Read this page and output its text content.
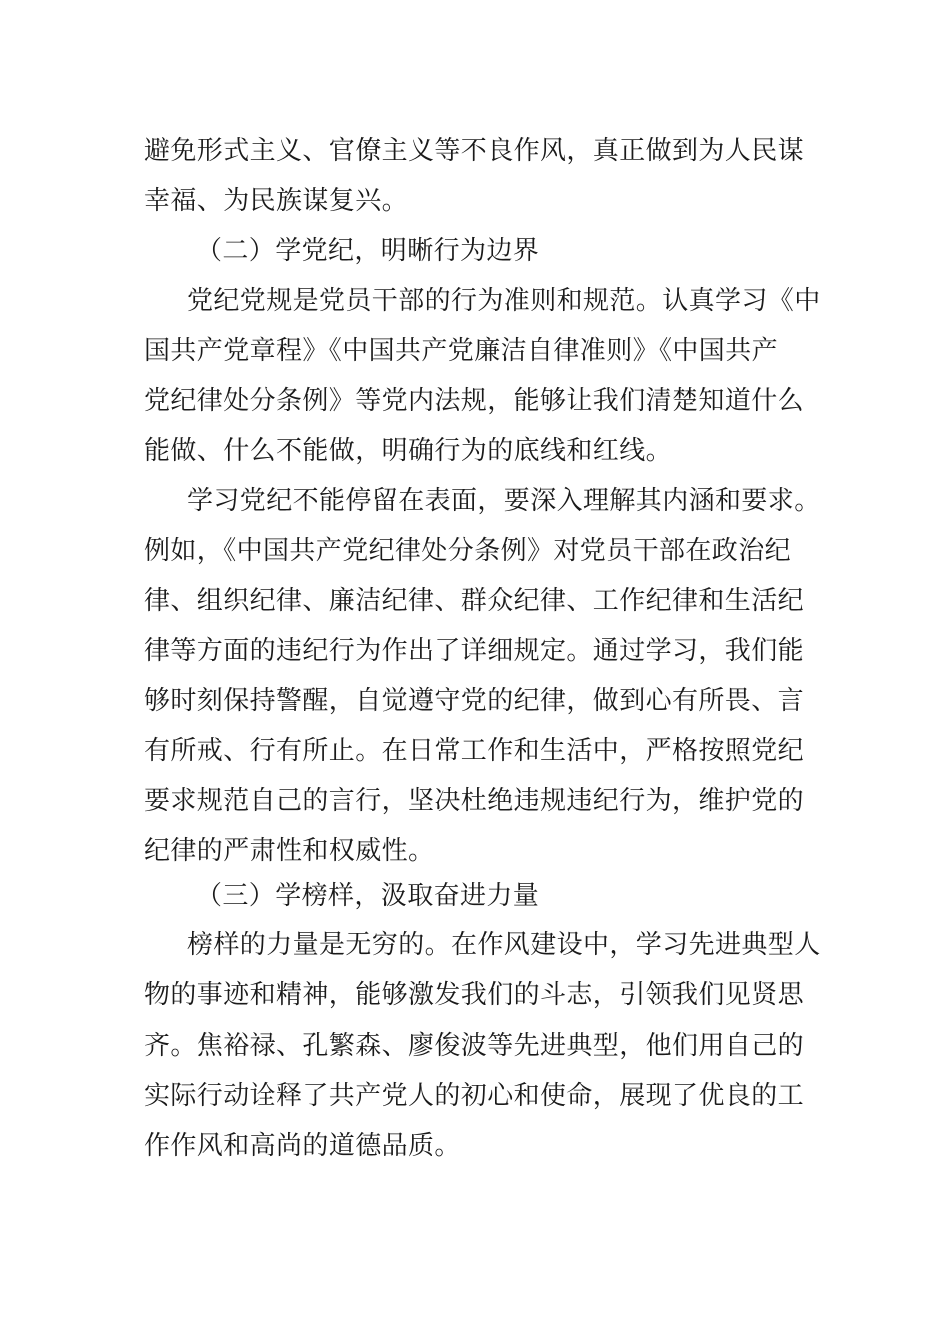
避免形式主义、官僚主义等不良作风，真正做到为人民谋
幸福、为民族谋复兴。
（二）学党纪，明晰行为边界
党纪党规是党员干部的行为准则和规范。认真学习《中
国共产党章程》《中国共产党廉洁自律准则》《中国共产
党纪律处分条例》等党内法规，能够让我们清楚知道什么
能做、什么不能做，明确行为的底线和红线。
学习党纪不能停留在表面，要深入理解其内涵和要求。
例如，《中国共产党纪律处分条例》对党员干部在政治纪
律、组织纪律、廉洁纪律、群众纪律、工作纪律和生活纪
律等方面的违纪行为作出了详细规定。通过学习，我们能
够时刻保持警醒，自觉遵守党的纪律，做到心有所畏、言
有所戒、行有所止。在日常工作和生活中，严格按照党纪
要求规范自己的言行，坚决杜绝违规违纪行为，维护党的
纪律的严肃性和权威性。
（三）学榜样，汲取奋进力量
榜样的力量是无穷的。在作风建设中，学习先进典型人
物的事迹和精神，能够激发我们的斗志，引领我们见贤思
齐。焦裕禄、孔繁森、廖俊波等先进典型，他们用自己的
实际行动诠释了共产党人的初心和使命，展现了优良的工
作作风和高尚的道德品质。
